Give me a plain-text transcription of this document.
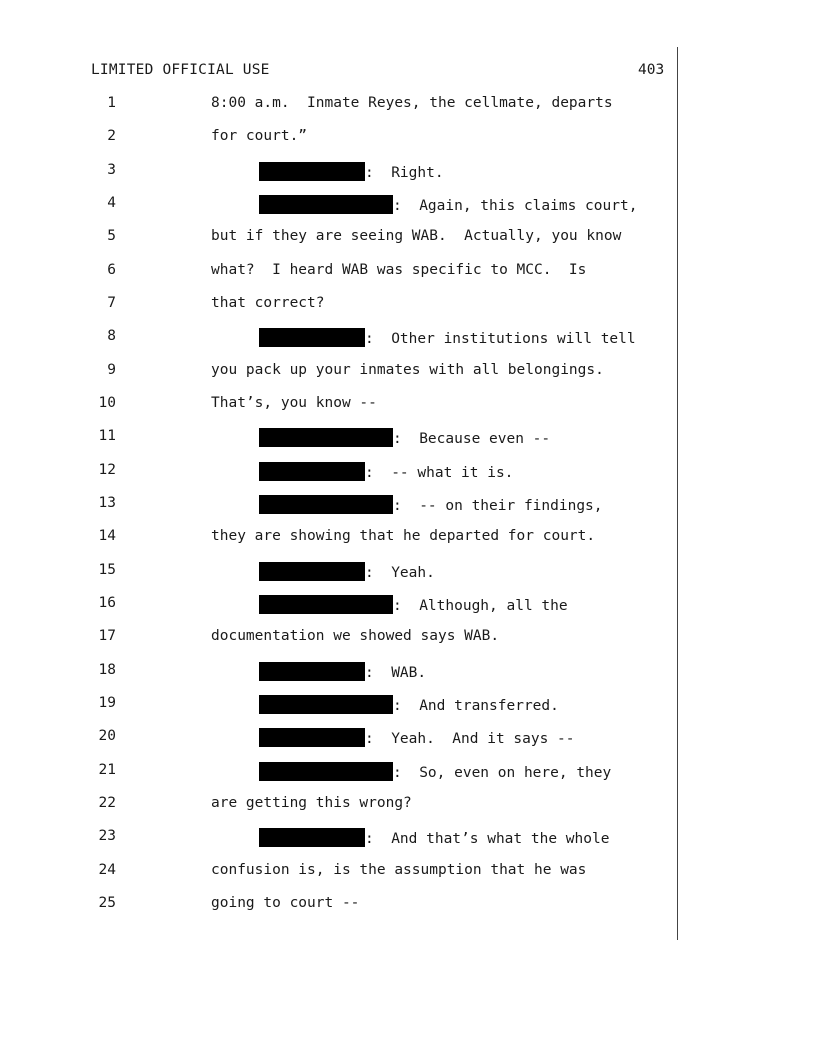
LIMITED OFFICIAL USE	403
1	8:00 a.m.  Inmate Reyes, the cellmate, departs
2	for court.”
3	:  Right.
4	:  Again, this claims court,
5	but if they are seeing WAB.  Actually, you know
6	what?  I heard WAB was specific to MCC.  Is
7	that correct?
8	:  Other institutions will tell
9	you pack up your inmates with all belongings.
10	That’s, you know --
11	:  Because even --
12	:  -- what it is.
13	:  -- on their findings,
14	they are showing that he departed for court.
15	:  Yeah.
16	:  Although, all the
17	documentation we showed says WAB.
18	:  WAB.
19	:  And transferred.
20	:  Yeah.  And it says --
21	:  So, even on here, they
22	are getting this wrong?
23	:  And that’s what the whole
24	confusion is, is the assumption that he was
25	going to court --
